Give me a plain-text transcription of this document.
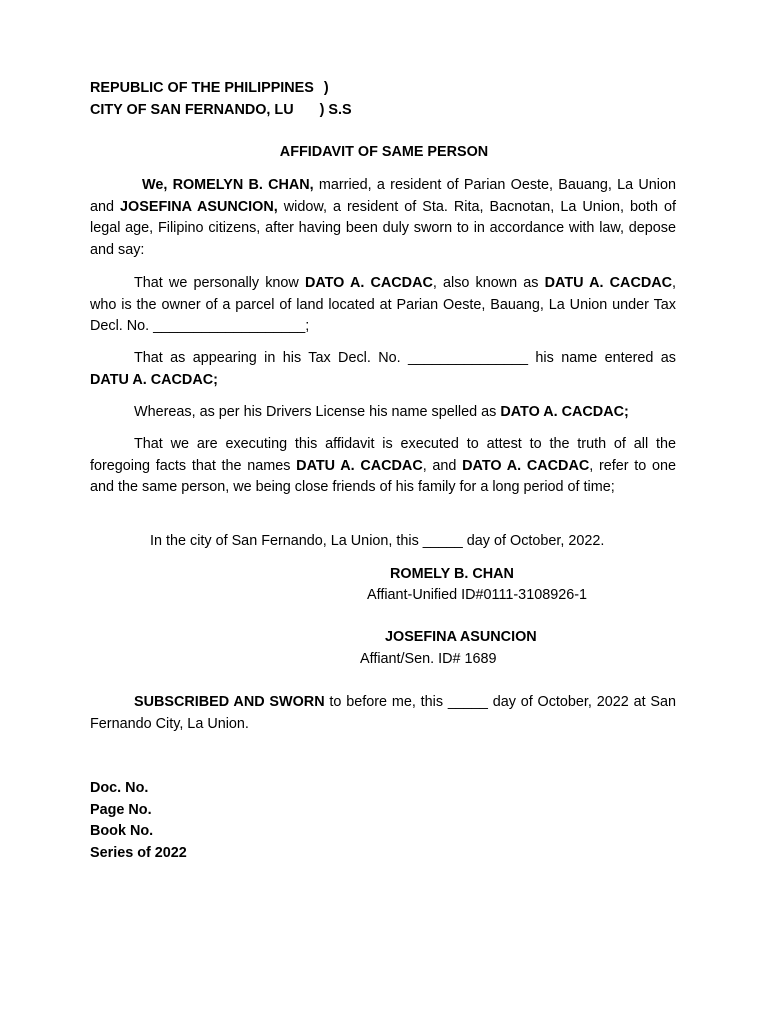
REPUBLIC OF THE PHILIPPINES )

CITY OF SAN FERNANDO, LU ) S.S

AFFIDAVIT OF SAME PERSON

We, ROMELYN B. CHAN, married, a resident of Parian Oeste, Bauang, La Union and JOSEFINA ASUNCION, widow, a resident of Sta. Rita, Bacnotan, La Union, both of legal age, Filipino citizens, after having been duly sworn to in accordance with law, depose and say:

That we personally know DATO A. CACDAC, also known as DATU A. CACDAC, who is the owner of a parcel of land located at Parian Oeste, Bauang, La Union under Tax Decl. No. ___________________;

That as appearing in his Tax Decl. No. _______________ his name entered as DATU A. CACDAC;

Whereas, as per his Drivers License his name spelled as DATO A. CACDAC;

That we are executing this affidavit is executed to attest to the truth of all the foregoing facts that the names DATU A. CACDAC, and DATO A. CACDAC, refer to one and the same person, we being close friends of his family for a long period of time;

In the city of San Fernando, La Union, this _____ day of October, 2022.
ROMELY B. CHAN
Affiant-Unified ID#0111-3108926-1
JOSEFINA ASUNCION
Affiant/Sen. ID# 1689

SUBSCRIBED AND SWORN to before me, this _____ day of October, 2022 at San Fernando City, La Union.

Doc. No.

Page No.

Book No.

Series of 2022
